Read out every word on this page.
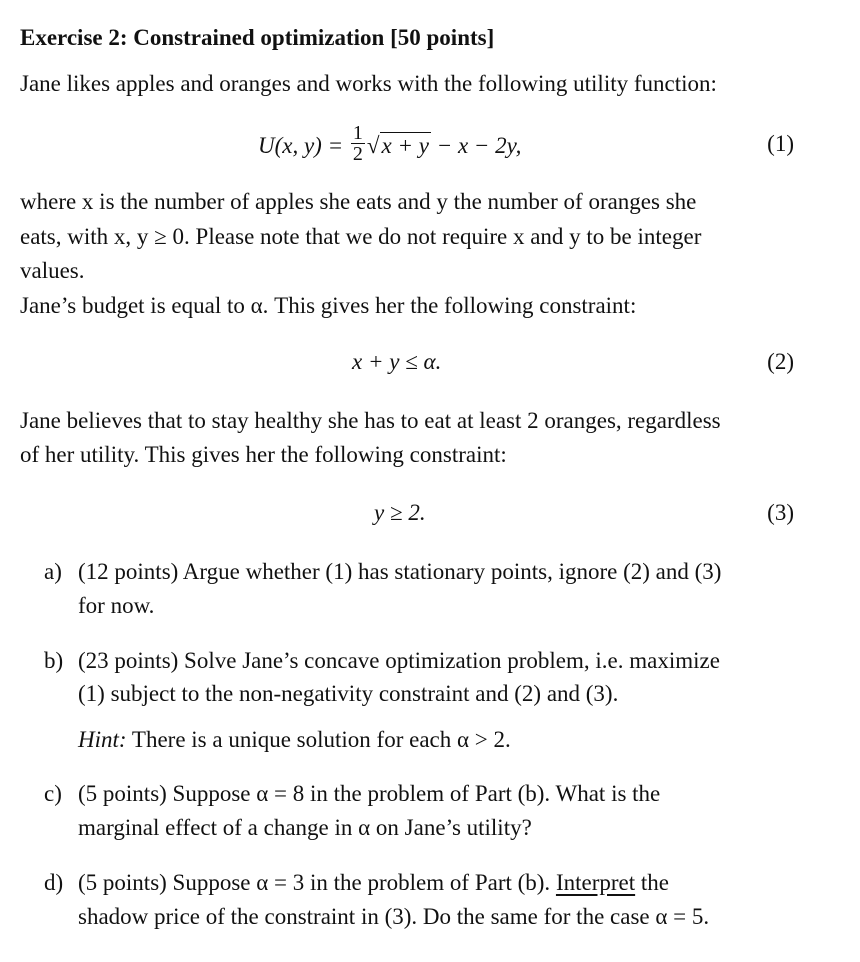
Exercise 2: Constrained optimization [50 points]
Jane likes apples and oranges and works with the following utility function:
U(x, $y) = \frac{1}{2} √x + y - x - 2y$,	(1)
where x is the number of apples she eats and y the number of oranges she
eats, with x, y ≥ 0. Please note that we do not require x and y to be integer
values.
Jane’s budget is equal to α. This gives her the following constraint:
x + y ≤ α.	(2)
Jane believes that to stay healthy she has to eat at least 2 oranges, regardless
of her utility. This gives her the following constraint:
y ≥ 2.	(3)
a) (12 points) Argue whether (1) has stationary points, ignore (2) and (3)
for now.
b) (23 points) Solve Jane’s concave optimization problem, i.e. maximize
(1) subject to the non-negativity constraint and (2) and (3).
Hint: There is a unique solution for each α > 2.
c) (5 points) Suppose α = 8 in the problem of Part (b). What is the
marginal effect of a change in α on Jane’s utility?
d) (5 points) Suppose α = 3 in the problem of Part (b). Interpret the
shadow price of the constraint in (3). Do the same for the case α = 5.
